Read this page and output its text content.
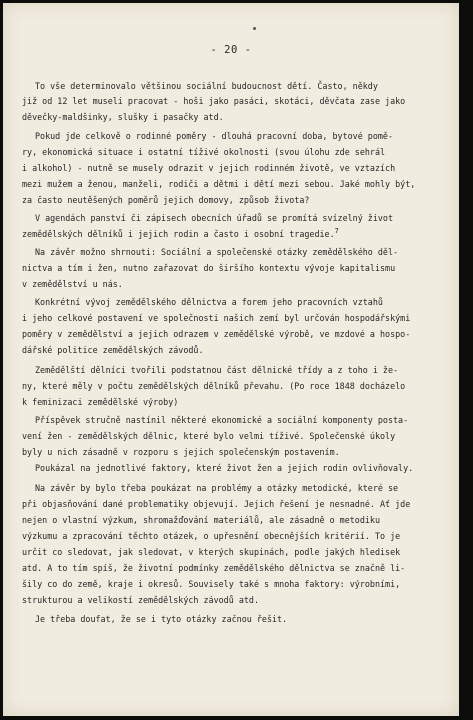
- 20 -
To vše determinovalo většinou sociální budoucnost dětí. Často, někdy
již od 12 let museli pracovat - hoši jako pasáci, skotáci, děvčata zase jako
děvečky-maldšinky, slušky i pasačky atd.
Pokud jde celkově o rodinné poměry - dlouhá pracovní doba, bytové pomě-
ry, ekonomická situace i ostatní tíživé okolnosti (svou úlohu zde sehrál
i alkohol) - nutně se musely odrazit v jejich rodinném životě, ve vztazích
mezi mužem a ženou, manželi, rodiči a dětmi i dětí mezi sebou. Jaké mohly být,
za často neutěšených poměrů jejich domovy, způsob života?
V agendách panství či zápisech obecních úřadů se promítá svízelný život
zemědělských dělníků i jejich rodin a často i osobní tragedie.$^7$
Na závěr možno shrnouti: Sociální a společenské otázky zemědělského děl-
nictva a tím i žen, nutno zařazovat do širšího kontextu vývoje kapitalismu
v zemědělství u nás.
Konkrétní vývoj zemědělského dělnictva a forem jeho pracovních vztahů
i jeho celkové postavení ve společnosti našich zemí byl určován hospodářskými
poměry v zemědělství a jejich odrazem v zemědělské výrobě, ve mzdové a hospo-
dářské politice zemědělských závodů.
Zemědělští dělníci tvořili podstatnou část dělnické třídy a z toho i že-
ny, které měly v počtu zemědělských dělníků převahu. (Po roce 1848 docházelo
k feminizaci zemědělské výroby)
Příspěvek stručně nastínil některé ekonomické a sociální komponenty posta-
vení žen - zemědělských dělnic, které bylo velmi tíživé. Společenské úkoly
byly u nich zásadně v rozporu s jejich společenským postavením.
Poukázal na jednotlivé faktory, které život žen a jejich rodin ovlivňovaly.
Na závěr by bylo třeba poukázat na problémy a otázky metodické, které se
při objasňování dané problematiky objevují. Jejich řešení je nesnadné. Ať jde
nejen o vlastní výzkum, shromažďování materiálů, ale zásadně o metodiku
výzkumu a zpracování těchto otázek, o upřesnění obecnějších kritérií. To je
určit co sledovat, jak sledovat, v kterých skupinách, podle jakých hledisek
atd. A to tím spíš, že životní podmínky zemědělského dělnictva se značně li-
šily co do země, kraje i okresů. Souvisely také s mnoha faktory: výrobními,
strukturou a velikostí zemědělských závodů atd.
Je třeba doufat, že se i tyto otázky začnou řešit.
